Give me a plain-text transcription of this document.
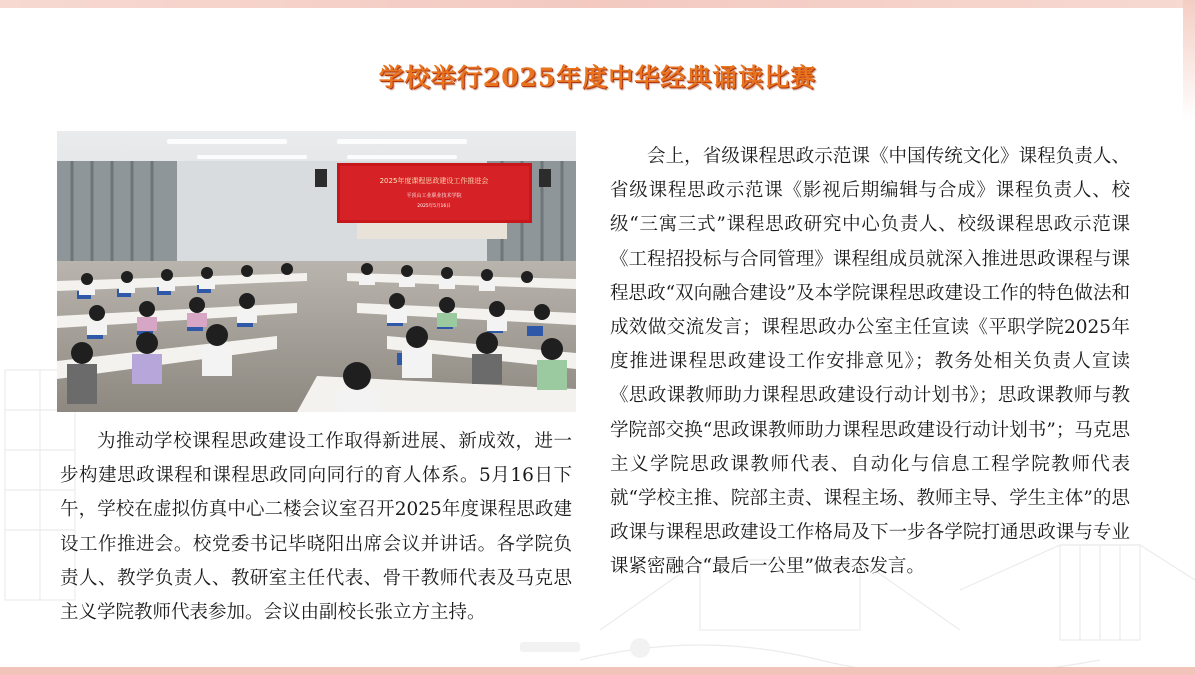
学校举行2025年度中华经典诵读比赛
2025年度课程思政建设工作推进会
平顶山工业职业技术学院
2025年5月16日

为推动学校课程思政建设工作取得新进展、新成效，进一步构建思政课程和课程思政同向同行的育人体系。5月16日下午，学校在虚拟仿真中心二楼会议室召开2025年度课程思政建设工作推进会。校党委书记毕晓阳出席会议并讲话。各学院负责人、教学负责人、教研室主任代表、骨干教师代表及马克思主义学院教师代表参加。会议由副校长张立方主持。

会上，省级课程思政示范课《中国传统文化》课程负责人、省级课程思政示范课《影视后期编辑与合成》课程负责人、校级“三寓三式”课程思政研究中心负责人、校级课程思政示范课《工程招投标与合同管理》课程组成员就深入推进思政课程与课程思政“双向融合建设”及本学院课程思政建设工作的特色做法和成效做交流发言；课程思政办公室主任宣读《平职学院2025年度推进课程思政建设工作安排意见》；教务处相关负责人宣读《思政课教师助力课程思政建设行动计划书》；思政课教师与教学院部交换“思政课教师助力课程思政建设行动计划书”；马克思主义学院思政课教师代表、自动化与信息工程学院教师代表就“学校主推、院部主责、课程主场、教师主导、学生主体”的思政课与课程思政建设工作格局及下一步各学院打通思政课与专业课紧密融合“最后一公里”做表态发言。
